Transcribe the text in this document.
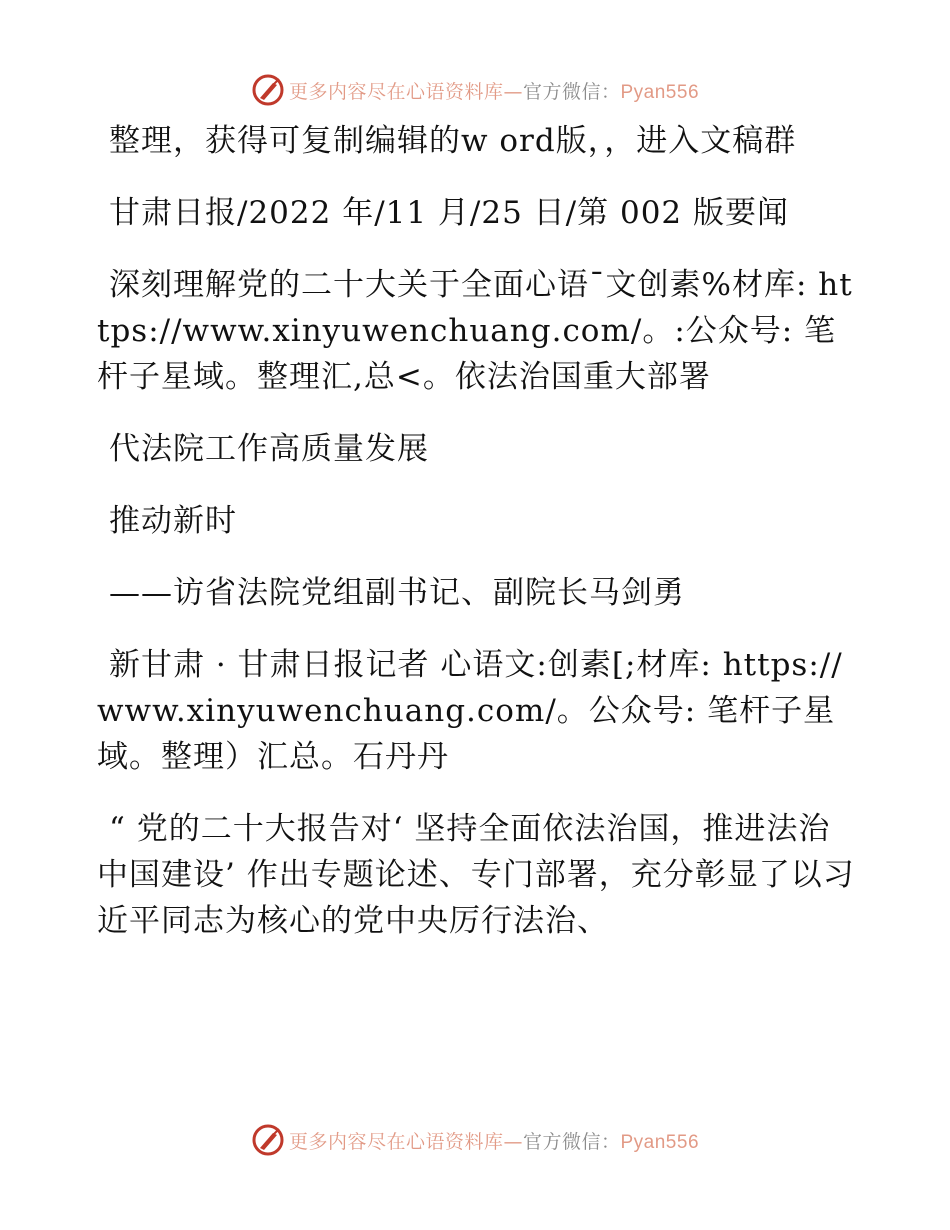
更多内容尽在心语资料库—官方微信：Pyan556

整理，获得可复制编辑的w ord版，，进入文稿群

甘肃日报/2022 年/11 月/25 日/第 002 版要闻

深刻理解党的二十大关于全面心语¯文创素%材库: https://www.xinyuwenchuang.com/。:公众号: 笔杆子星域。整理汇,总<。依法治国重大部署

代法院工作高质量发展

推动新时

——访省法院党组副书记、副院长马剑勇

新甘肃 · 甘肃日报记者 心语文:创素[;材库: https://www.xinyuwenchuang.com/。公众号: 笔杆子星域。整理）汇总。石丹丹

“ 党的二十大报告对‘ 坚持全面依法治国，推进法治中国建设’ 作出专题论述、专门部署，充分彰显了以习近平同志为核心的党中央厉行法治、

更多内容尽在心语资料库—官方微信：Pyan556
